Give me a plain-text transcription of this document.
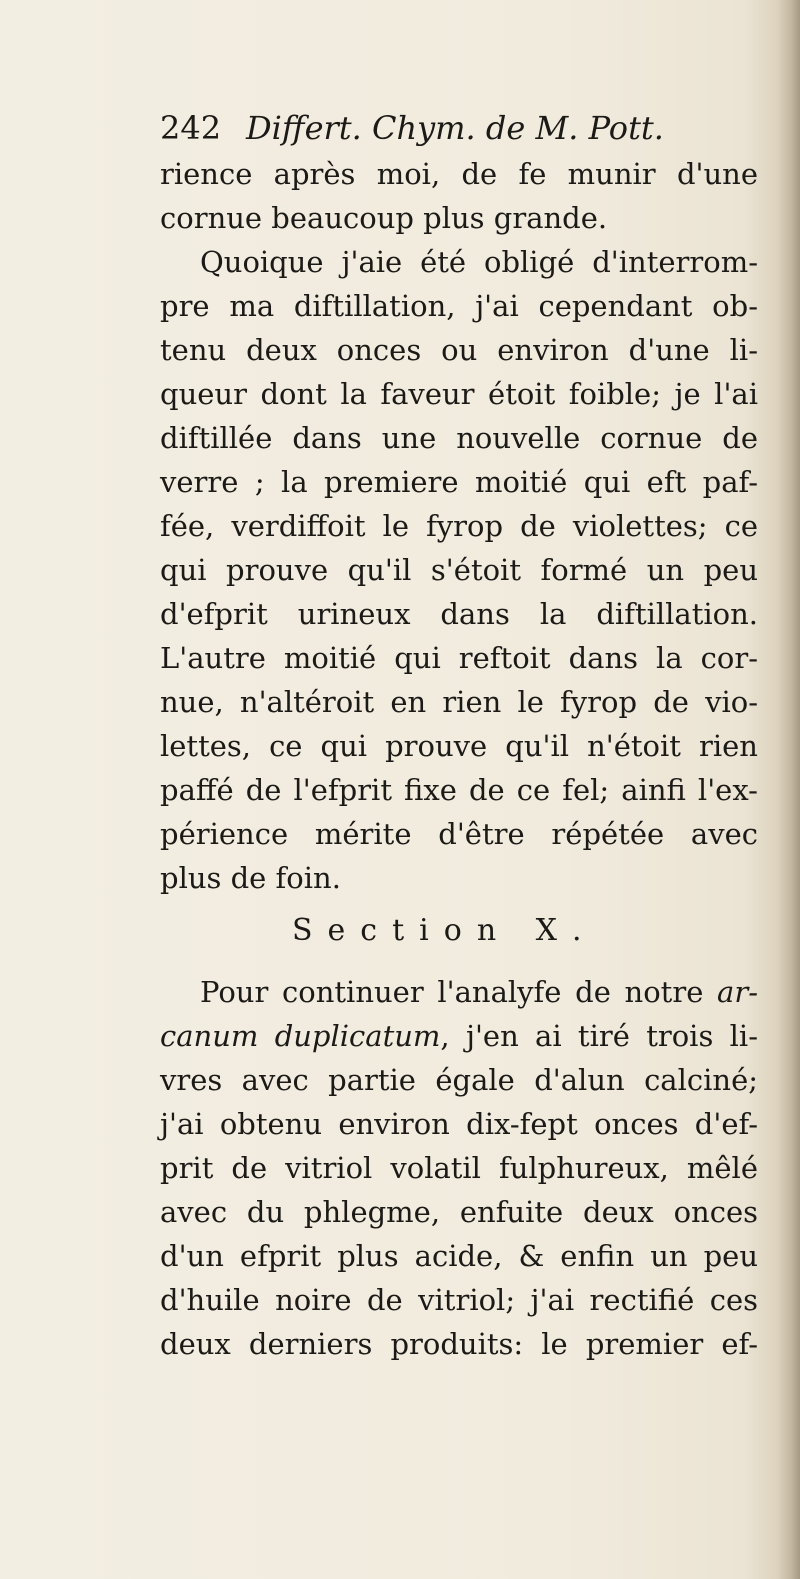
242 Differt. Chym. de M. Pott.
rience après moi, de fe munir d'une
cornue beaucoup plus grande.
Quoique j'aie été obligé d'interrom-
pre ma diftillation, j'ai cependant ob-
tenu deux onces ou environ d'une li-
queur dont la faveur étoit foible; je l'ai
diftillée dans une nouvelle cornue de
verre ; la premiere moitié qui eft paf-
fée, verdiffoit le fyrop de violettes; ce
qui prouve qu'il s'étoit formé un peu
d'efprit urineux dans la diftillation.
L'autre moitié qui reftoit dans la cor-
nue, n'altéroit en rien le fyrop de vio-
lettes, ce qui prouve qu'il n'étoit rien
paffé de l'efprit fixe de ce fel; ainfi l'ex-
périence mérite d'être répétée avec
plus de foin.
Section X.
Pour continuer l'analyfe de notre ar-
canum duplicatum, j'en ai tiré trois li-
vres avec partie égale d'alun calciné;
j'ai obtenu environ dix-fept onces d'ef-
prit de vitriol volatil fulphureux, mêlé
avec du phlegme, enfuite deux onces
d'un efprit plus acide, & enfin un peu
d'huile noire de vitriol; j'ai rectifié ces
deux derniers produits: le premier ef-
